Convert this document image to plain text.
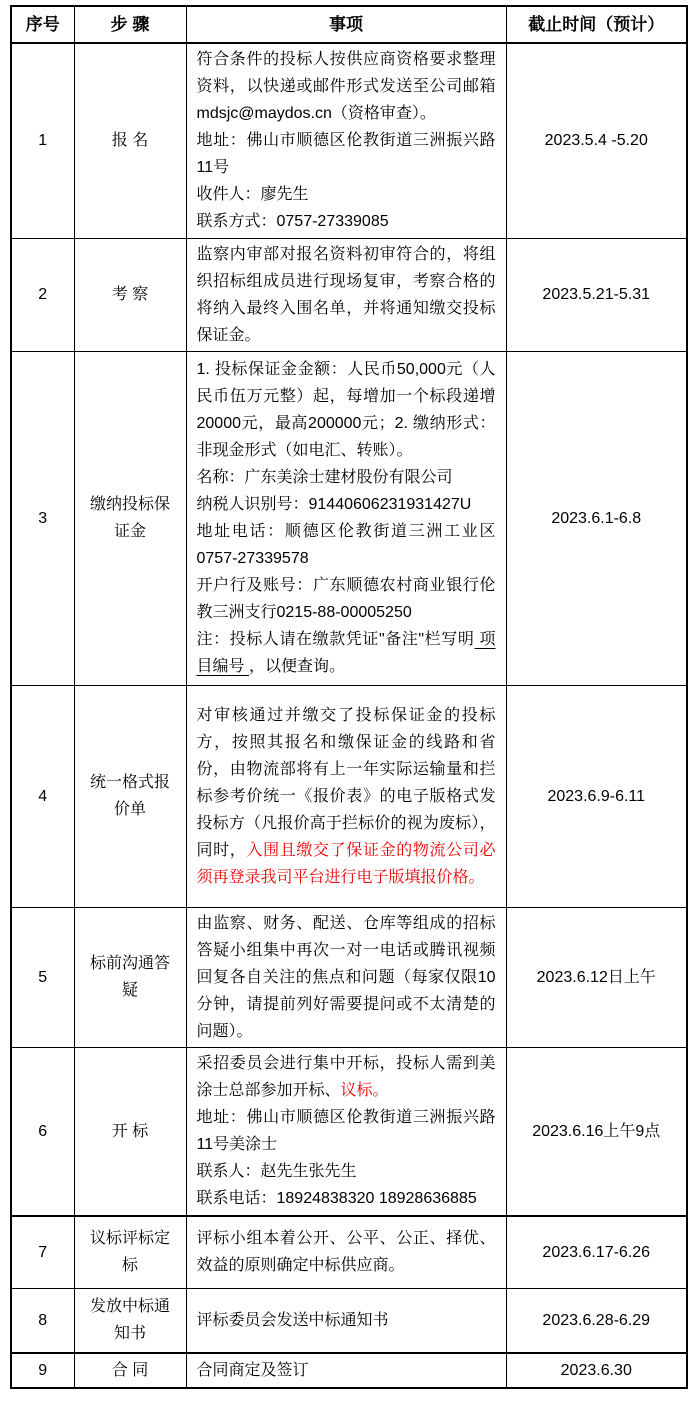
序号	步 骤	事项	截止时间（预计）
1	报 名	符合条件的投标人按供应商资格要求整理资料，以快递或邮件形式发送至公司邮箱mdsjc@maydos.cn（资格审查）。

地址：佛山市顺德区伦教街道三洲振兴路11号

收件人：廖先生

联系方式：0757-27339085	2023.5.4 -5.20
2	考 察	监察内审部对报名资料初审符合的，将组织招标组成员进行现场复审，考察合格的将纳入最终入围名单，并将通知缴交投标保证金。	2023.5.21-5.31
3	缴纳投标保证金	

1. 投标保证金金额：人民币50,000元（人民币伍万元整）起，每增加一个标段递增20000元，最高200000元；2. 缴纳形式：非现金形式（如电汇、转账）。

名称：广东美涂士建材股份有限公司

纳税人识别号：91440606231931427U

地址电话：顺德区伦教街道三洲工业区0757-27339578

开户行及账号：广东顺德农村商业银行伦教三洲支行0215-88-00005250

注：投标人请在缴款凭证"备注"栏写明 项目编号 ，以便查询。

	2023.6.1-6.8
4	统一格式报价单	对审核通过并缴交了投标保证金的投标方，按照其报名和缴保证金的线路和省份，由物流部将有上一年实际运输量和拦标参考价统一《报价表》的电子版格式发投标方（凡报价高于拦标价的视为废标），同时，入围且缴交了保证金的物流公司必须再登录我司平台进行电子版填报价格。	2023.6.9-6.11
5	标前沟通答疑	由监察、财务、配送、仓库等组成的招标答疑小组集中再次一对一电话或腾讯视频回复各自关注的焦点和问题（每家仅限10分钟，请提前列好需要提问或不太清楚的问题）。	2023.6.12日上午
6	开 标	采招委员会进行集中开标，投标人需到美涂士总部参加开标、议标。

地址：佛山市顺德区伦教街道三洲振兴路11号美涂士

联系人：赵先生张先生

联系电话：18924838320 18928636885	2023.6.16上午9点
7	议标评标定标	评标小组本着公开、公平、公正、择优、效益的原则确定中标供应商。	2023.6.17-6.26
8	发放中标通知书	评标委员会发送中标通知书	2023.6.28-6.29
9	合 同	合同商定及签订	2023.6.30
